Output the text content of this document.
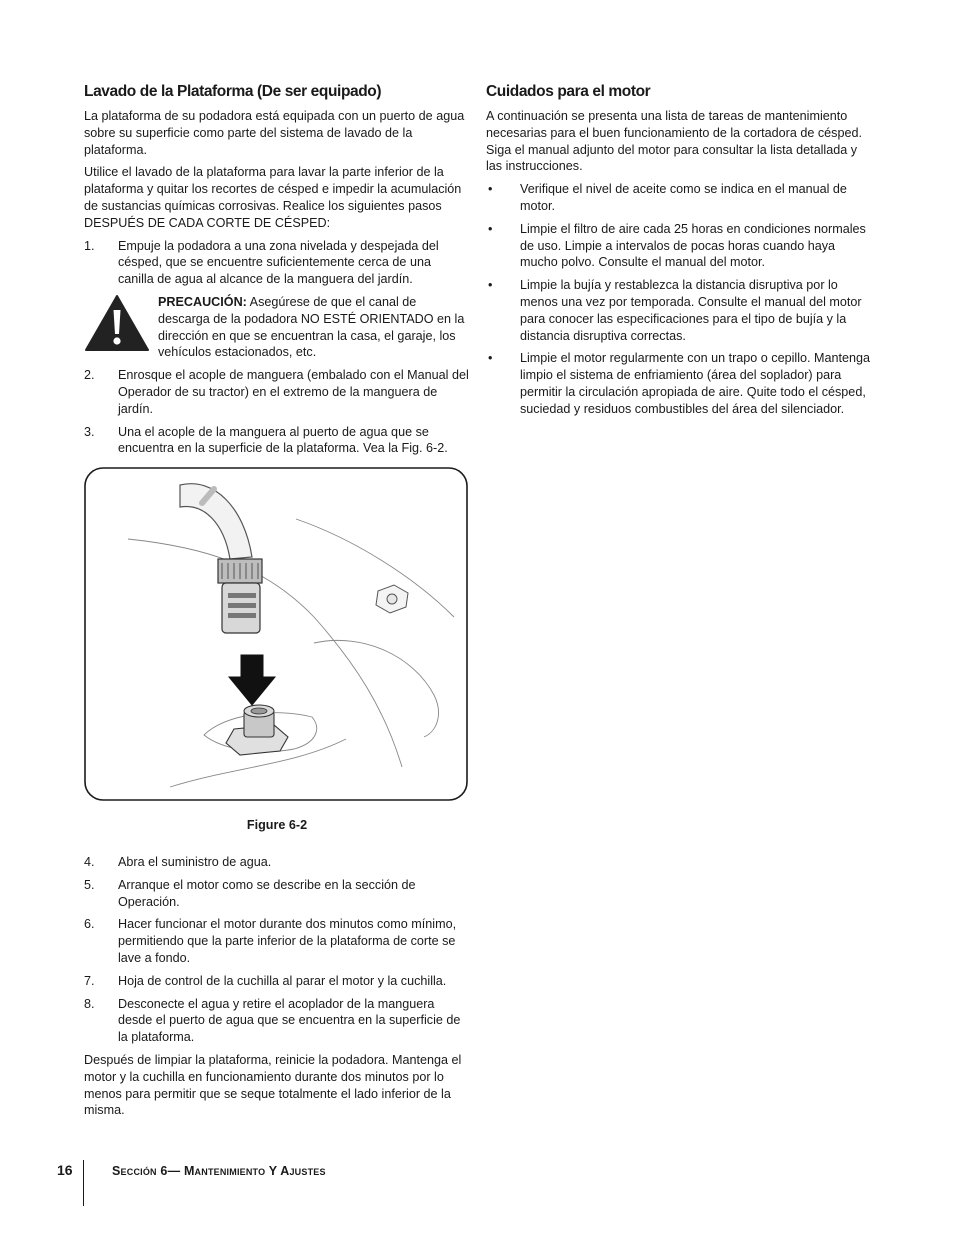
Lavado de la Plataforma (De ser equipado)

La plataforma de su podadora está equipada con un puerto de agua sobre su superficie como parte del sistema de lavado de la plataforma.

Utilice el lavado de la plataforma para lavar la parte inferior de la plataforma y quitar los recortes de césped e impedir la acumulación de sustancias químicas corrosivas. Realice los siguientes pasos DESPUÉS DE CADA CORTE DE CÉSPED:

1. Empuje la podadora a una zona nivelada y despejada del césped, que se encuentre suficientemente cerca de una canilla de agua al alcance de la manguera del jardín.
PRECAUCIÓN: Asegúrese de que el canal de descarga de la podadora NO ESTÉ ORIENTADO en la dirección en que se encuentran la casa, el garaje, los vehículos estacionados, etc.
2. Enrosque el acople de manguera (embalado con el Manual del Operador de su tractor) en el extremo de la manguera de jardín.
3. Una el acople de la manguera al puerto de agua que se encuentra en la superficie de la plataforma. Vea la Fig. 6-2.
Figure 6-2
4. Abra el suministro de agua.
5. Arranque el motor como se describe en la sección de Operación.
6. Hacer funcionar el motor durante dos minutos como mínimo, permitiendo que la parte inferior de la plataforma de corte se lave a fondo.
7. Hoja de control de la cuchilla al parar el motor y la cuchilla.
8. Desconecte el agua y retire el acoplador de la manguera desde el puerto de agua que se encuentra en la superficie de la plataforma.

Después de limpiar la plataforma, reinicie la podadora. Mantenga el motor y la cuchilla en funcionamiento durante dos minutos por lo menos para permitir que se seque totalmente el lado inferior de la misma.

Cuidados para el motor

A continuación se presenta una lista de tareas de mantenimiento necesarias para el buen funcionamiento de la cortadora de césped. Siga el manual adjunto del motor para consultar la lista detallada y las instrucciones.

• Verifique el nivel de aceite como se indica en el manual de motor.
• Limpie el filtro de aire cada 25 horas en condiciones normales de uso. Limpie a intervalos de pocas horas cuando haya mucho polvo. Consulte el manual del motor.
• Limpie la bujía y restablezca la distancia disruptiva por lo menos una vez por temporada. Consulte el manual del motor para conocer las especificaciones para el tipo de bujía y la distancia disruptiva correctas.
• Limpie el motor regularmente con un trapo o cepillo. Mantenga limpio el sistema de enfriamiento (área del soplador) para permitir la circulación apropiada de aire. Quite todo el césped, suciedad y residuos combustibles del área del silenciador.
16	Sección 6— Mantenimiento Y Ajustes
